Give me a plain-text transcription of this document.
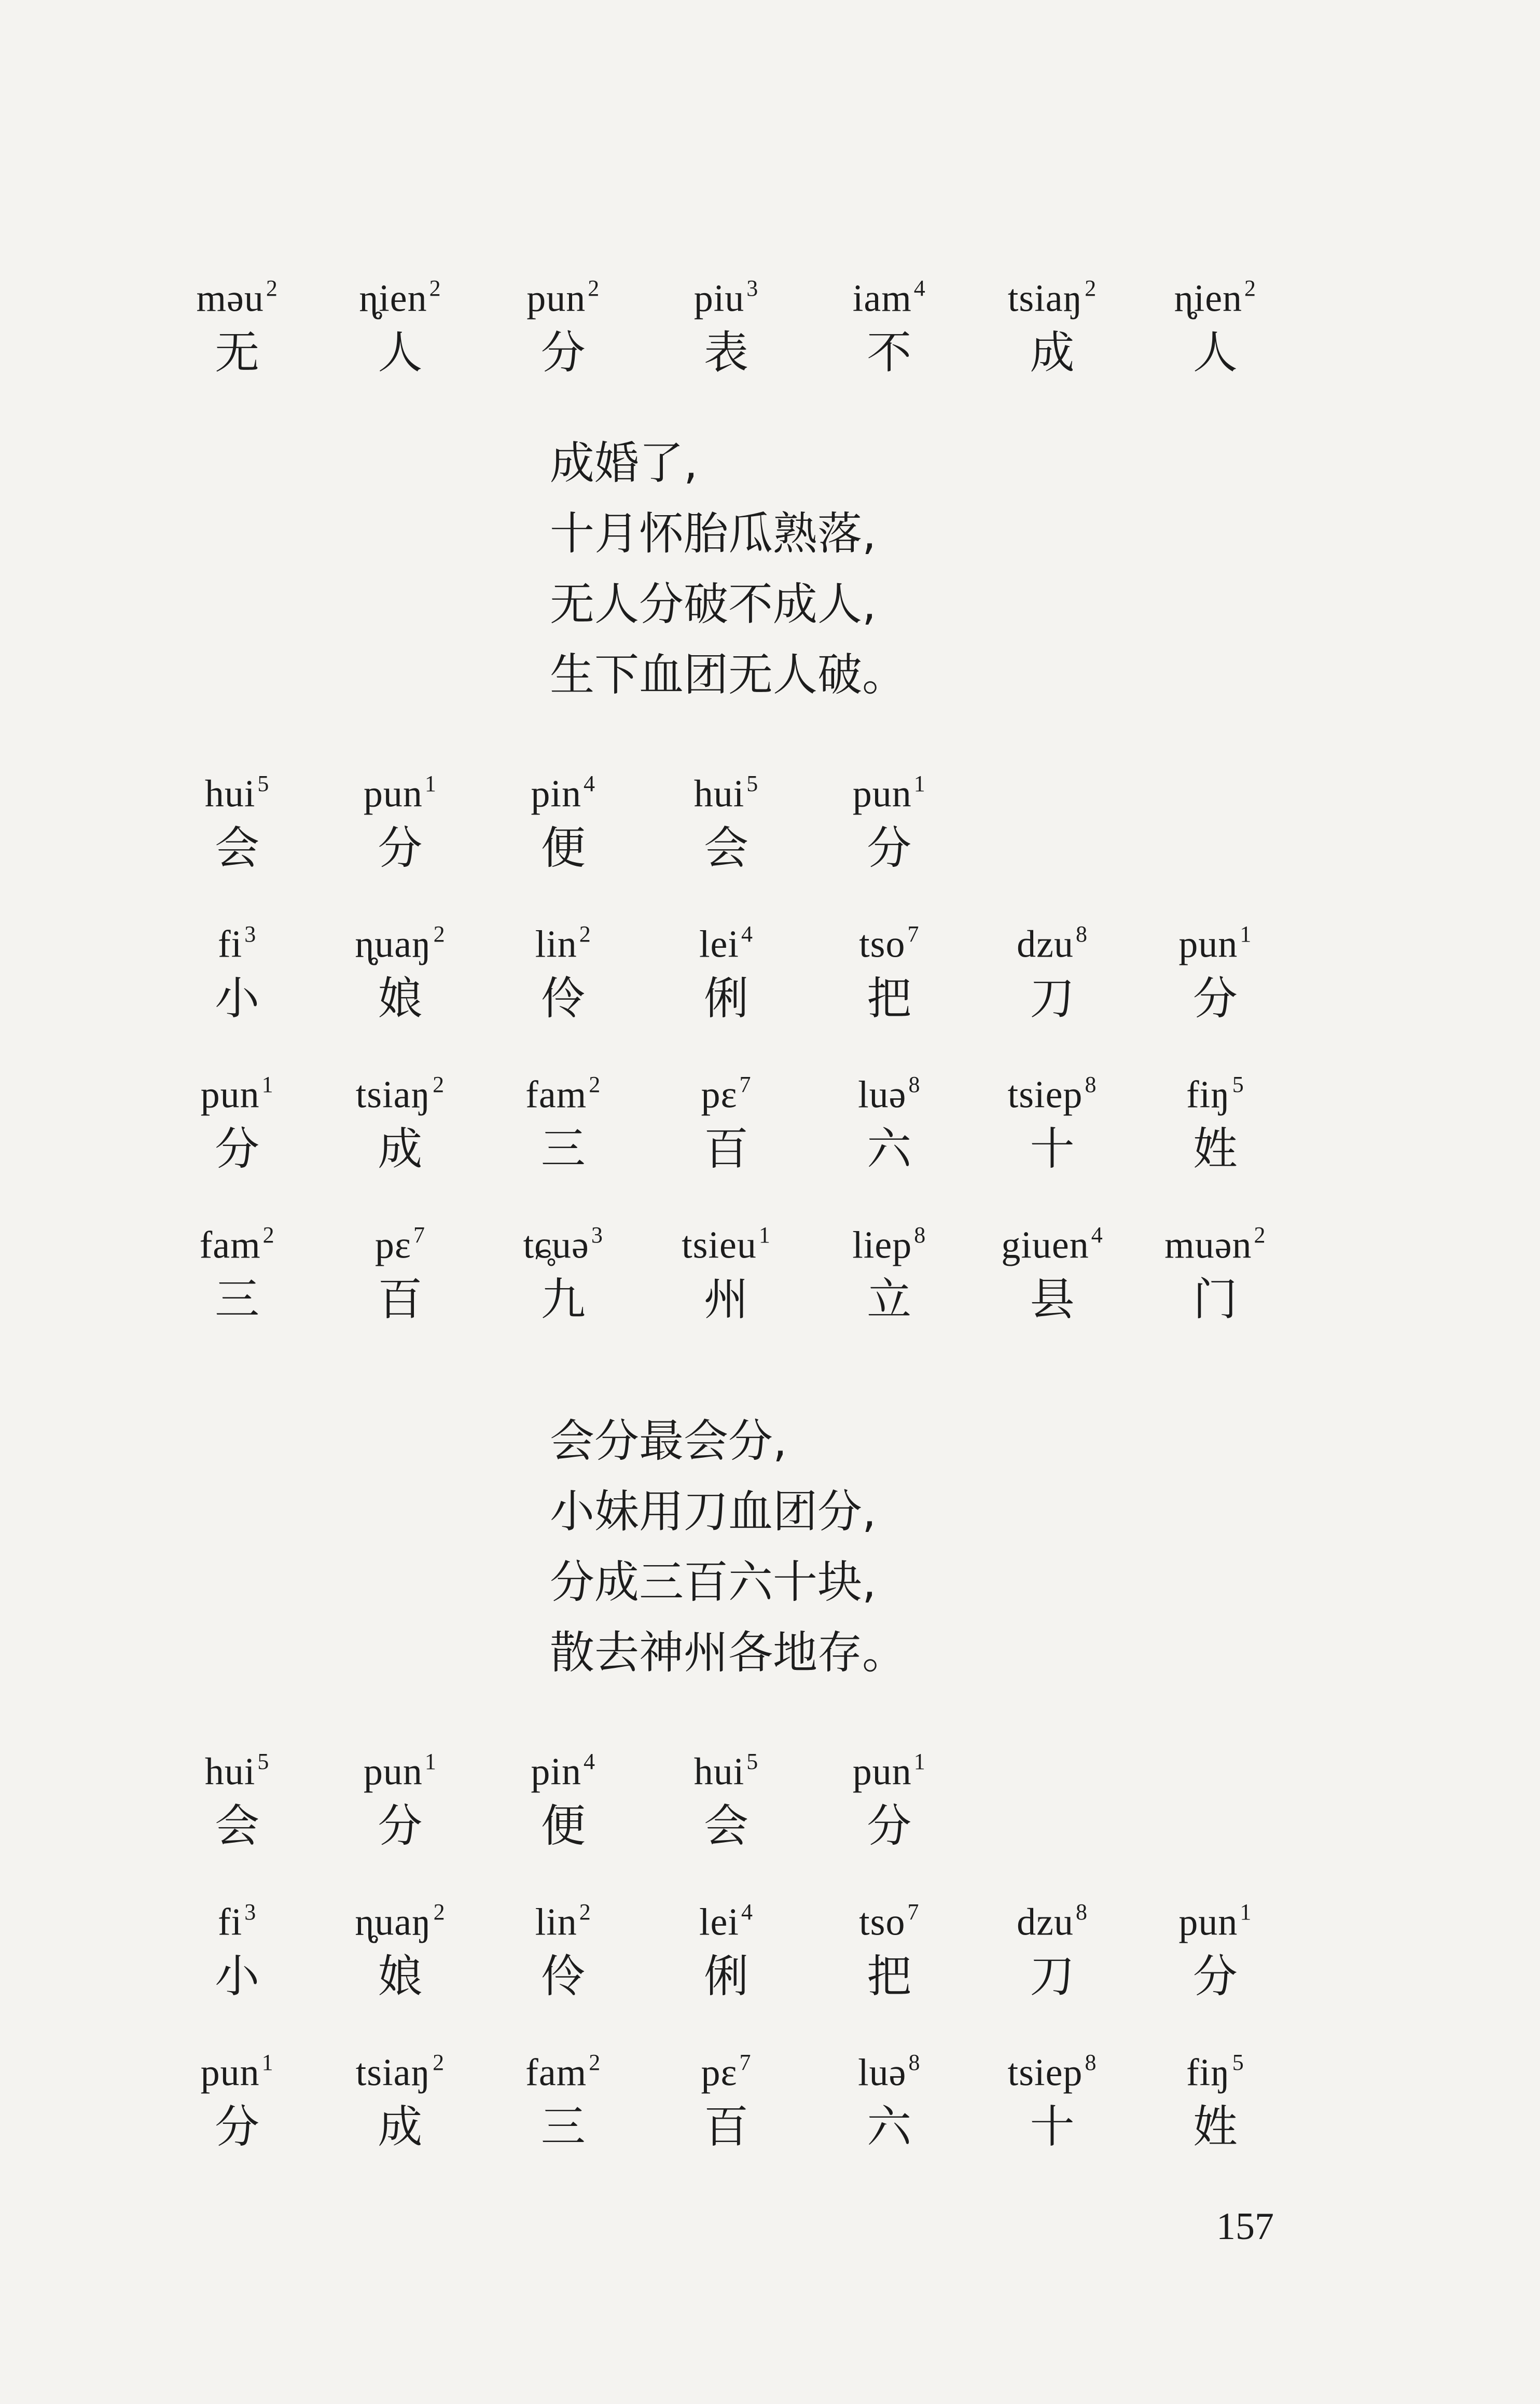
məu$^2$
无
ɳ̥ien$^2$
人
pun$^2$
分
piu$^3$
表
iam$^4$
不
tsiaŋ$^2$
成
ɳ̥ien$^2$
人
成婚了,
十月怀胎瓜熟落,
无人分破不成人,
生下血团无人破。
hui$^5$
会
pun$^1$
分
pin$^4$
便
hui$^5$
会
pun$^1$
分
$fi^3$
小
ɳ̥uaŋ$^2$
娘
lin$^2$
伶
lei$^4$
俐
tso$^7$
把
dzu$^8$
刀
pun$^1$
分
pun$^1$
分
tsiaŋ$^2$
成
fam$^2$
三
pɛ$^7$
百
luə$^8$
六
tsiep$^8$
十
fiŋ$^5$
姓
fam$^2$
三
pɛ$^7$
百
tɕ̥uə$^3$
九
tsieu$^1$
州
liep$^8$
立
giuen$^4$
县
muən$^2$
门
会分最会分,
小妹用刀血团分,
分成三百六十块,
散去神州各地存。
hui$^5$
会
pun$^1$
分
pin$^4$
便
hui$^5$
会
pun$^1$
分
$fi^3$
小
ɳ̥uaŋ$^2$
娘
lin$^2$
伶
lei$^4$
俐
tso$^7$
把
dzu$^8$
刀
pun$^1$
分
pun$^1$
分
tsiaŋ$^2$
成
fam$^2$
三
pɛ$^7$
百
luə$^8$
六
tsiep$^8$
十
fiŋ$^5$
姓
157
